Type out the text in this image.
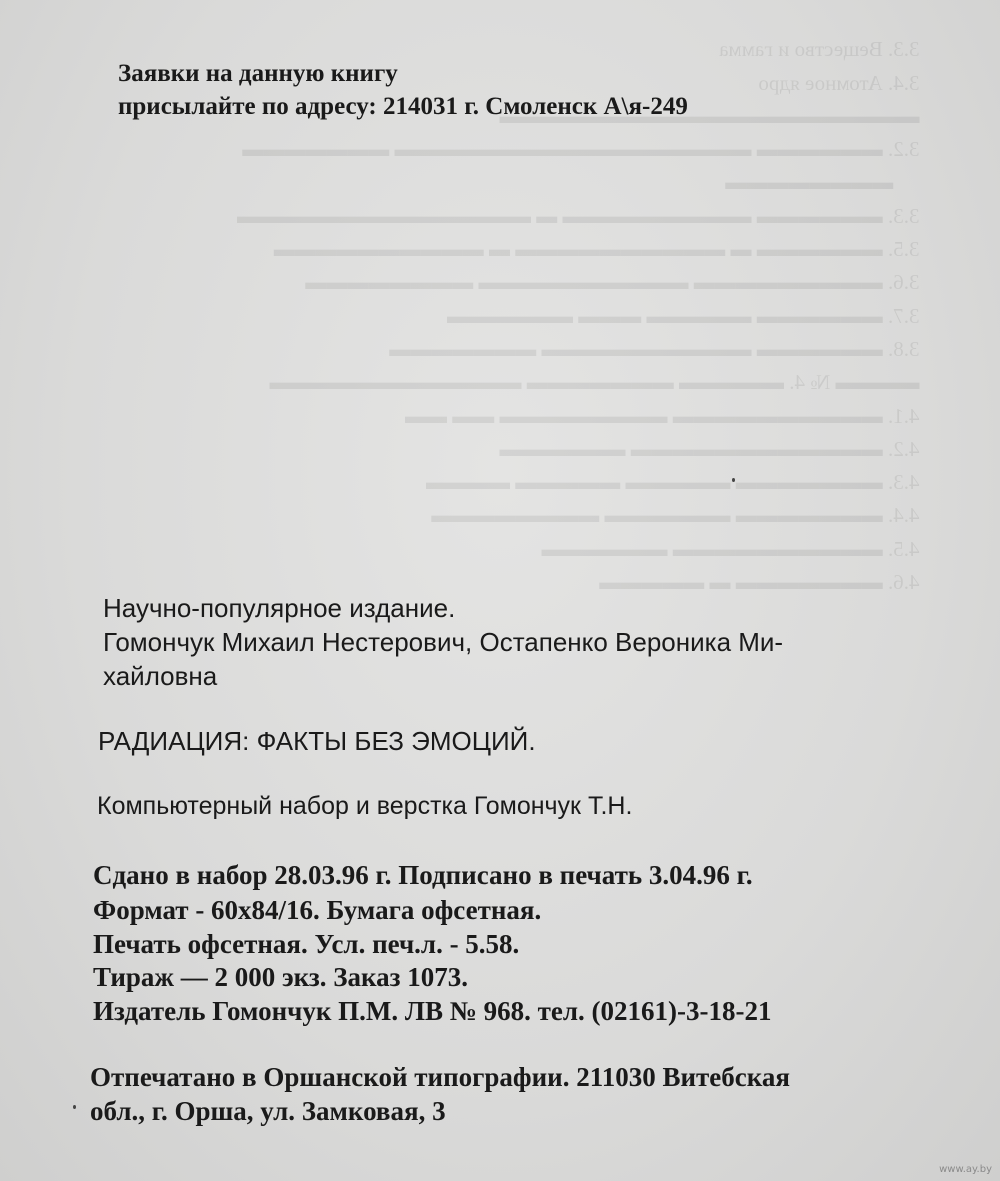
3.3. Вещество и гамма
3.4. Атомное ядро
▬▬▬▬▬▬▬▬▬▬▬▬▬▬▬▬▬▬▬▬
3.2. ▬▬▬▬▬▬ ▬▬▬▬▬▬▬▬▬▬▬▬▬▬▬▬▬ ▬▬▬▬▬▬▬
▬▬▬▬▬▬▬▬
3.3. ▬▬▬▬▬▬ ▬▬▬▬▬▬▬▬▬ ▬ ▬▬▬▬▬▬▬▬▬▬▬▬▬▬
3.5. ▬▬▬▬▬▬ ▬ ▬▬▬▬▬▬▬▬▬▬ ▬ ▬▬▬▬▬▬▬▬▬▬
3.6. ▬▬▬▬▬▬▬▬▬ ▬▬▬▬▬▬▬▬▬▬ ▬▬▬▬▬▬▬▬
3.7. ▬▬▬▬▬▬ ▬▬▬▬▬ ▬▬▬ ▬▬▬▬▬▬
3.8. ▬▬▬▬▬▬ ▬▬▬▬▬▬▬▬▬▬ ▬▬▬▬▬▬▬
▬▬▬▬ № 4. ▬▬▬▬▬ ▬▬▬▬▬▬▬ ▬▬▬▬▬▬▬▬▬▬▬▬
4.1. ▬▬▬▬▬▬▬▬▬▬ ▬▬▬▬▬▬▬▬ ▬▬ ▬▬
4.2. ▬▬▬▬▬▬▬▬▬▬▬▬ ▬▬▬▬▬▬
4.3. ▬▬▬▬▬▬▬ ▬▬▬▬▬ ▬▬▬▬▬ ▬▬▬▬
4.4. ▬▬▬▬▬▬▬ ▬▬▬▬▬▬ ▬▬▬▬▬▬▬▬
4.5. ▬▬▬▬▬▬▬▬▬▬ ▬▬▬▬▬▬
4.6. ▬▬▬▬▬▬▬ ▬ ▬▬▬▬▬

Заявки на данную книгу
присылайте по адресу: 214031 г. Смоленск А\я-249
Научно-популярное издание.
Гомончук Михаил Нестерович, Остапенко Вероника Ми-
хайловна
РАДИАЦИЯ: ФАКТЫ БЕЗ ЭМОЦИЙ.
Компьютерный набор и верстка Гомончук Т.Н.
Сдано в набор 28.03.96 г. Подписано в печать 3.04.96 г.
Формат - 60х84/16. Бумага офсетная.
Печать офсетная. Усл. печ.л. - 5.58.
Тираж — 2 000 экз. Заказ 1073.
Издатель Гомончук П.М. ЛВ № 968. тел. (02161)-3-18-21
Отпечатано в Оршанской типографии. 211030 Витебская
обл., г. Орша, ул. Замковая, 3
www.ay.by
